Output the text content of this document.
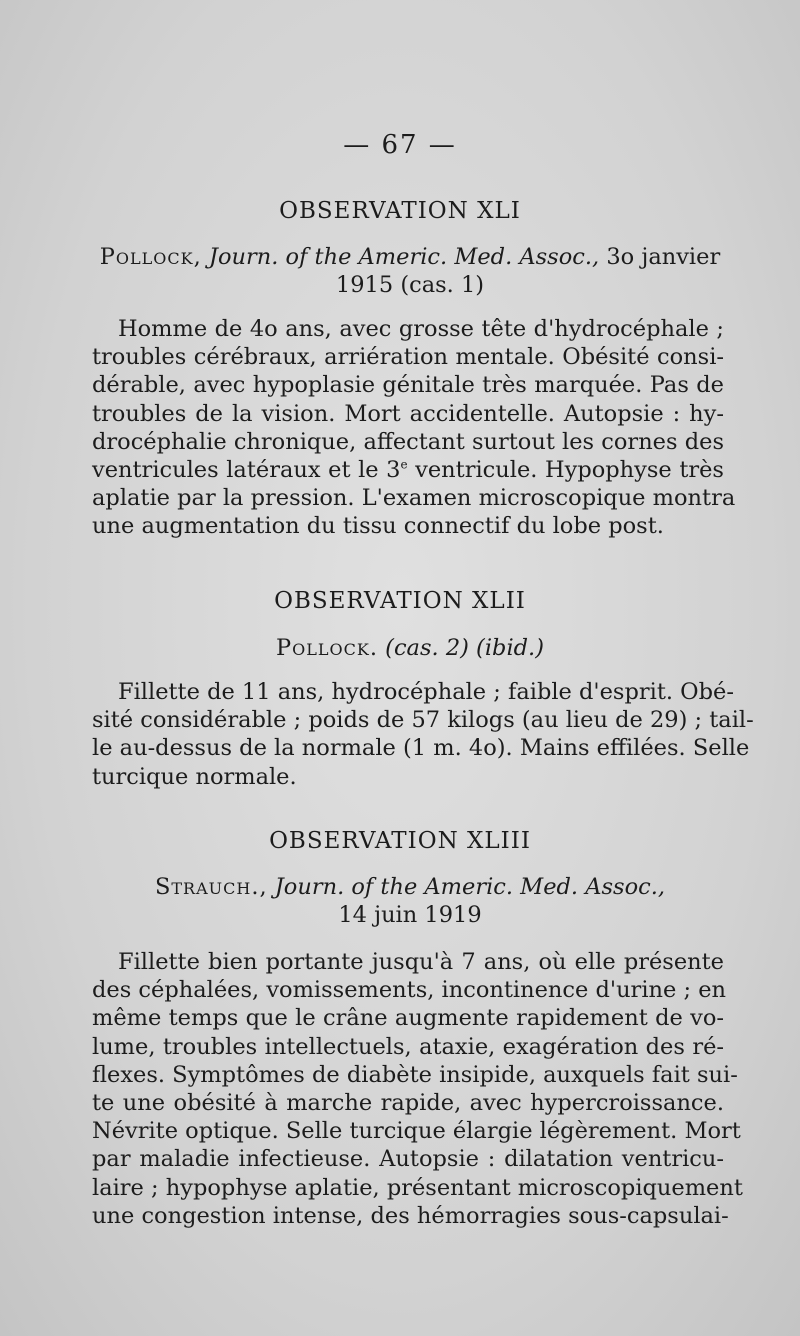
— 67 —
OBSERVATION XLI
Pollock, Journ. of the Americ. Med. Assoc., 3o janvier
1915 (cas. 1)
Homme de 4o ans, avec grosse tête d'hydrocéphale ;
troubles cérébraux, arriération mentale. Obésité consi-
dérable, avec hypoplasie génitale très marquée. Pas de
troubles de la vision. Mort accidentelle. Autopsie : hy-
drocéphalie chronique, affectant surtout les cornes des
ventricules latéraux et le 3e ventricule. Hypophyse très
aplatie par la pression. L'examen microscopique montra
une augmentation du tissu connectif du lobe post.
OBSERVATION XLII
Pollock. (cas. 2) (ibid.)
Fillette de 11 ans, hydrocéphale ; faible d'esprit. Obé-
sité considérable ; poids de 57 kilogs (au lieu de 29) ; tail-
le au-dessus de la normale (1 m. 4o). Mains effilées. Selle
turcique normale.
OBSERVATION XLIII
Strauch., Journ. of the Americ. Med. Assoc.,
14 juin 1919
Fillette bien portante jusqu'à 7 ans, où elle présente
des céphalées, vomissements, incontinence d'urine ; en
même temps que le crâne augmente rapidement de vo-
lume, troubles intellectuels, ataxie, exagération des ré-
flexes. Symptômes de diabète insipide, auxquels fait sui-
te une obésité à marche rapide, avec hypercroissance.
Névrite optique. Selle turcique élargie légèrement. Mort
par maladie infectieuse. Autopsie : dilatation ventricu-
laire ; hypophyse aplatie, présentant microscopiquement
une congestion intense, des hémorragies sous-capsulai-
